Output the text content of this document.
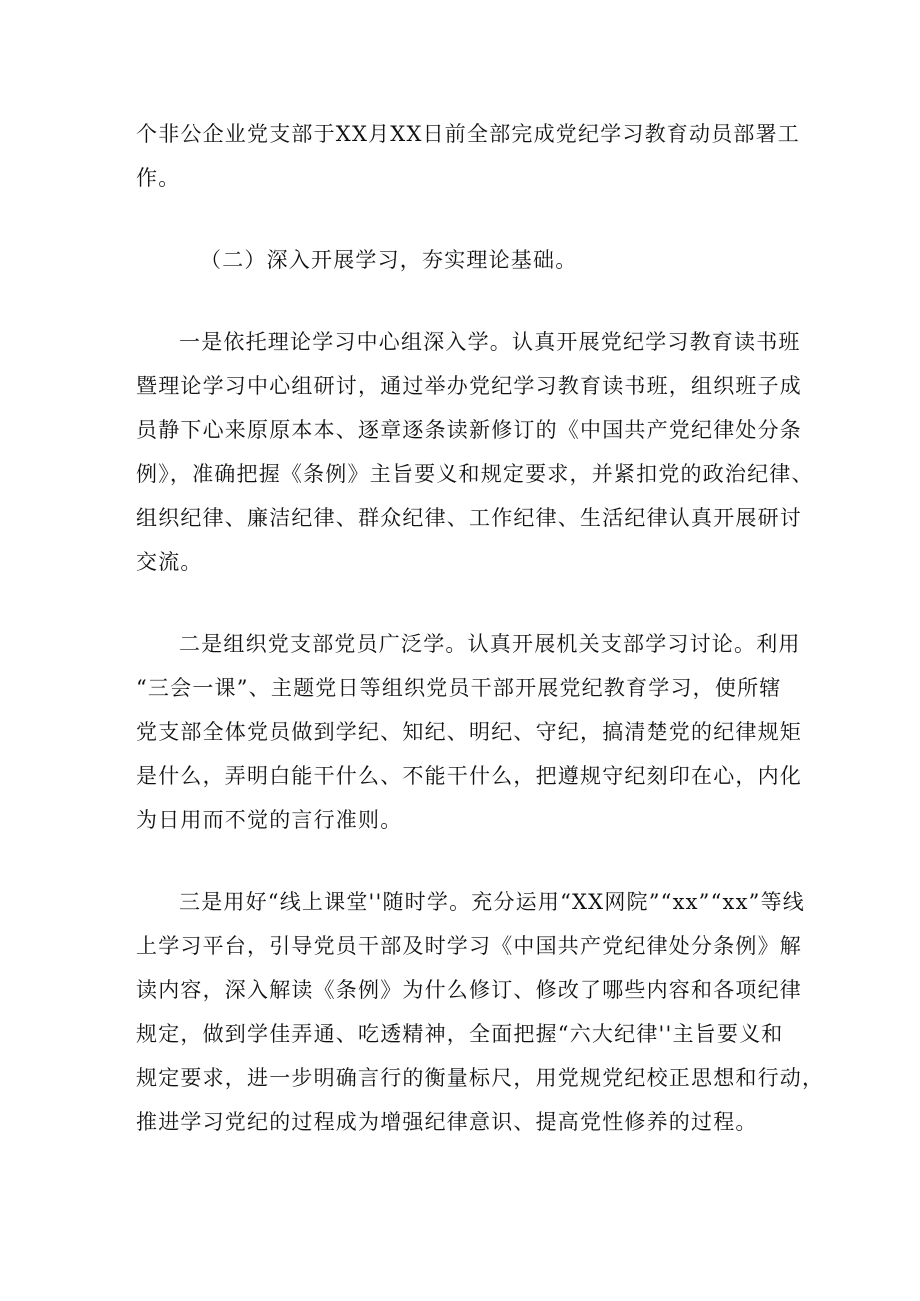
个非公企业党支部于XX月XX日前全部完成党纪学习教育动员部署工
作。

（二）深入开展学习，夯实理论基础。

一是依托理论学习中心组深入学。认真开展党纪学习教育读书班
暨理论学习中心组研讨，通过举办党纪学习教育读书班，组织班子成
员静下心来原原本本、逐章逐条读新修订的《中国共产党纪律处分条
例》，准确把握《条例》主旨要义和规定要求，并紧扣党的政治纪律、
组织纪律、廉洁纪律、群众纪律、工作纪律、生活纪律认真开展研讨
交流。

二是组织党支部党员广泛学。认真开展机关支部学习讨论。利用
“三会一课”、主题党日等组织党员干部开展党纪教育学习，使所辖
党支部全体党员做到学纪、知纪、明纪、守纪，搞清楚党的纪律规矩
是什么，弄明白能干什么、不能干什么，把遵规守纪刻印在心，内化
为日用而不觉的言行准则。

三是用好“线上课堂''随时学。充分运用“XX网院”“xx”“xx”等线
上学习平台，引导党员干部及时学习《中国共产党纪律处分条例》解
读内容，深入解读《条例》为什么修订、修改了哪些内容和各项纪律
规定，做到学佳弄通、吃透精神，全面把握“六大纪律''主旨要义和
规定要求，进一步明确言行的衡量标尺，用党规党纪校正思想和行动，
推进学习党纪的过程成为增强纪律意识、提高党性修养的过程。
